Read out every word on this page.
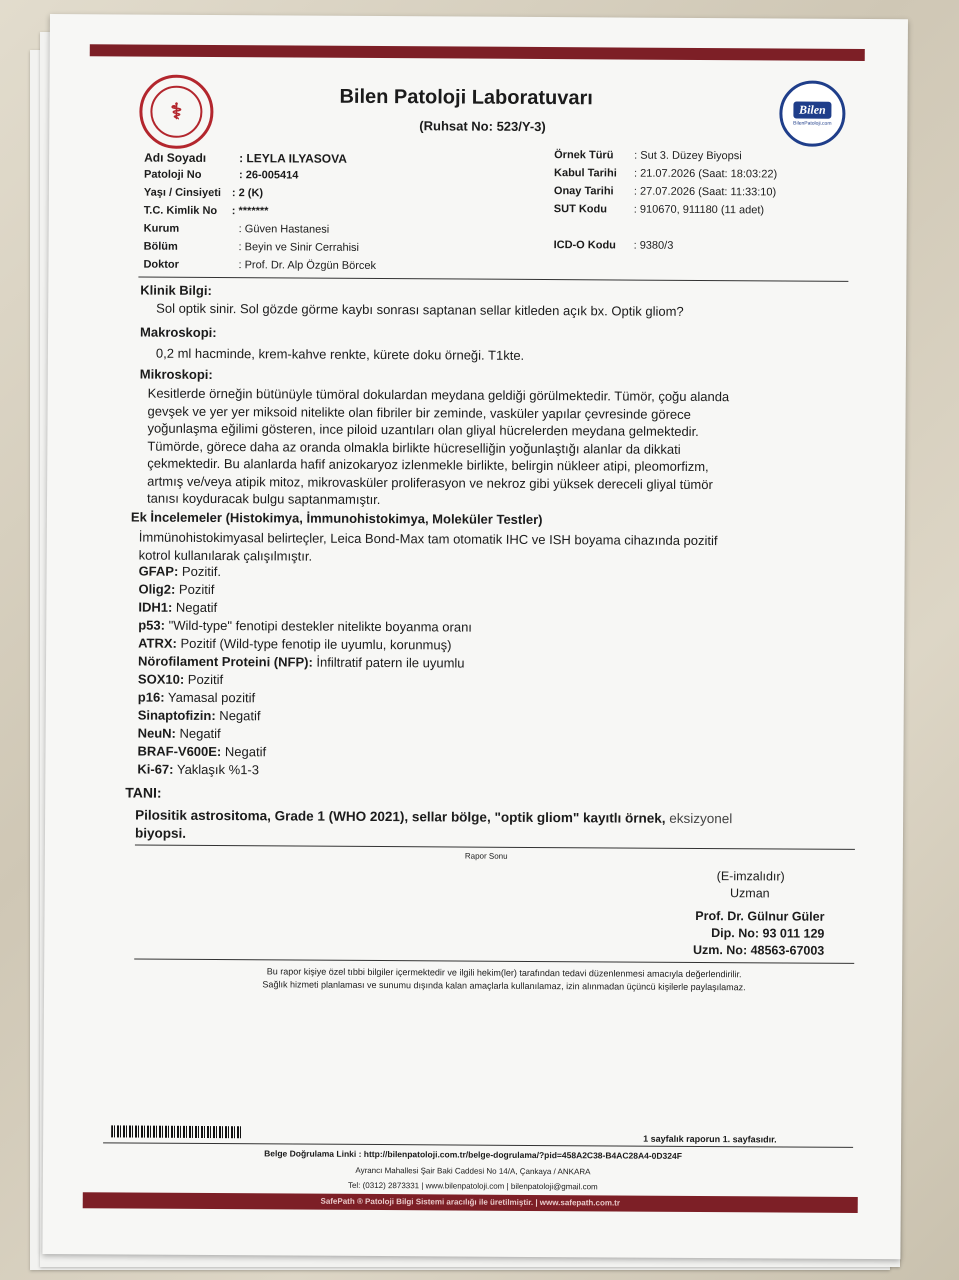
⚕	Bilen
BilenPatoloji.com
Bilen Patoloji Laboratuvarı
(Ruhsat No: 523/Y-3)
Adı Soyadı	: LEYLA ILYASOVA
Patoloji No	: 26-005414
Yaşı / Cinsiyeti : 2 (K)
T.C. Kimlik No : *******
Kurum	: Güven Hastanesi
Bölüm	: Beyin ve Sinir Cerrahisi
Doktor	: Prof. Dr. Alp Özgün Börcek
Örnek Türü : Sut 3. Düzey Biyopsi
Kabul Tarihi : 21.07.2026 (Saat: 18:03:22)
Onay Tarihi : 27.07.2026 (Saat: 11:33:10)
SUT Kodu : 910670, 911180 (11 adet)
ICD-O Kodu : 9380/3
Klinik Bilgi:
Sol optik sinir. Sol gözde görme kaybı sonrası saptanan sellar kitleden açık bx. Optik gliom?
Makroskopi:
0,2 ml hacminde, krem-kahve renkte, kürete doku örneği. T1kte.
Mikroskopi:
Kesitlerde örneğin bütünüyle tümöral dokulardan meydana geldiği görülmektedir. Tümör, çoğu alanda
gevşek ve yer yer miksoid nitelikte olan fibriler bir zeminde, vasküler yapılar çevresinde görece
yoğunlaşma eğilimi gösteren, ince piloid uzantıları olan gliyal hücrelerden meydana gelmektedir.
Tümörde, görece daha az oranda olmakla birlikte hücreselliğin yoğunlaştığı alanlar da dikkati
çekmektedir. Bu alanlarda hafif anizokaryoz izlenmekle birlikte, belirgin nükleer atipi, pleomorfizm,
artmış ve/veya atipik mitoz, mikrovasküler proliferasyon ve nekroz gibi yüksek dereceli gliyal tümör
tanısı koyduracak bulgu saptanmamıştır.
Ek İncelemeler (Histokimya, İmmunohistokimya, Moleküler Testler)
İmmünohistokimyasal belirteçler, Leica Bond-Max tam otomatik IHC ve ISH boyama cihazında pozitif
kotrol kullanılarak çalışılmıştır.
GFAP: Pozitif.
Olig2: Pozitif
IDH1: Negatif
p53: "Wild-type" fenotipi destekler nitelikte boyanma oranı
ATRX: Pozitif (Wild-type fenotip ile uyumlu, korunmuş)
Nörofilament Proteini (NFP): İnfiltratif patern ile uyumlu
SOX10: Pozitif
p16: Yamasal pozitif
Sinaptofizin: Negatif
NeuN: Negatif
BRAF-V600E: Negatif
Ki-67: Yaklaşık %1-3
TANI:
Pilositik astrositoma, Grade 1 (WHO 2021), sellar bölge, "optik gliom" kayıtlı örnek, eksizyonel
biyopsi.
Rapor Sonu
(E-imzalıdır)
Uzman
Prof. Dr. Gülnur Güler
Dip. No: 93 011 129
Uzm. No: 48563-67003
Bu rapor kişiye özel tıbbi bilgiler içermektedir ve ilgili hekim(ler) tarafından tedavi düzenlenmesi amacıyla değerlendirilir.
Sağlık hizmeti planlaması ve sunumu dışında kalan amaçlarla kullanılamaz, izin alınmadan üçüncü kişilerle paylaşılamaz.
1 sayfalık raporun 1. sayfasıdır.
Belge Doğrulama Linki : http://bilenpatoloji.com.tr/belge-dogrulama/?pid=458A2C38-B4AC28A4-0D324F
Ayrancı Mahallesi Şair Baki Caddesi No 14/A, Çankaya / ANKARA
Tel: (0312) 2873331 | www.bilenpatoloji.com | bilenpatoloji@gmail.com
SafePath ® Patoloji Bilgi Sistemi aracılığı ile üretilmiştir. | www.safepath.com.tr
